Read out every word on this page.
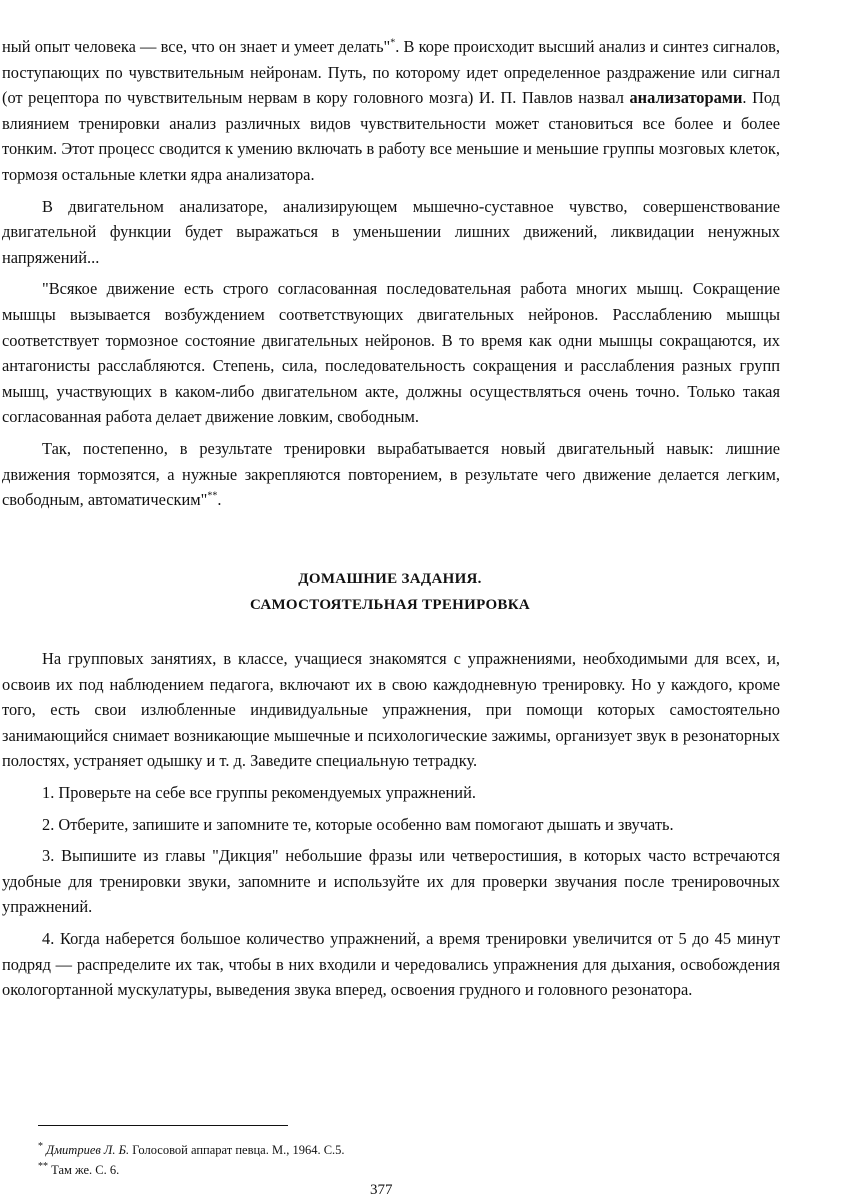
ный опыт человека — все, что он знает и умеет делать"*. В коре происходит высший анализ и синтез сигналов, поступающих по чувствительным нейронам. Путь, по которому идет определенное раздражение или сигнал (от рецептора по чувствительным нервам в кору головного мозга) И. П. Павлов назвал анализаторами. Под влиянием тренировки анализ различных видов чувствительности может становиться все более и более тонким. Этот процесс сводится к умению включать в работу все меньшие и меньшие группы мозговых клеток, тормозя остальные клетки ядра анализатора.

В двигательном анализаторе, анализирующем мышечно-суставное чувство, совершенствование двигательной функции будет выражаться в уменьшении лишних движений, ликвидации ненужных напряжений...

"Всякое движение есть строго согласованная последовательная работа многих мышц. Сокращение мышцы вызывается возбуждением соответствующих двигательных нейронов. Расслаблению мышцы соответствует тормозное состояние двигательных нейронов. В то время как одни мышцы сокращаются, их антагонисты расслабляются. Степень, сила, последовательность сокращения и расслабления разных групп мышц, участвующих в каком-либо двигательном акте, должны осуществляться очень точно. Только такая согласованная работа делает движение ловким, свободным.

Так, постепенно, в результате тренировки вырабатывается новый двигательный навык: лишние движения тормозятся, а нужные закрепляются повторением, в результате чего движение делается легким, свободным, автоматическим"**.

ДОМАШНИЕ ЗАДАНИЯ.
САМОСТОЯТЕЛЬНАЯ ТРЕНИРОВКА

На групповых занятиях, в классе, учащиеся знакомятся с упражнениями, необходимыми для всех, и, освоив их под наблюдением педагога, включают их в свою каждодневную тренировку. Но у каждого, кроме того, есть свои излюбленные индивидуальные упражнения, при помощи которых самостоятельно занимающийся снимает возникающие мышечные и психологические зажимы, организует звук в резонаторных полостях, устраняет одышку и т. д. Заведите специальную тетрадку.

1. Проверьте на себе все группы рекомендуемых упражнений.

2. Отберите, запишите и запомните те, которые особенно вам помогают дышать и звучать.

3. Выпишите из главы "Дикция" небольшие фразы или четверостишия, в которых часто встречаются удобные для тренировки звуки, запомните и используйте их для проверки звучания после тренировочных упражнений.

4. Когда наберется большое количество упражнений, а время тренировки увеличится от 5 до 45 минут подряд — распределите их так, чтобы в них входили и чередовались упражнения для дыхания, освобождения окологортанной мускулатуры, выведения звука вперед, освоения грудного и головного резонатора.

* Дмитриев Л. Б. Голосовой аппарат певца. М., 1964. С.5.
** Там же. С. 6.
377
